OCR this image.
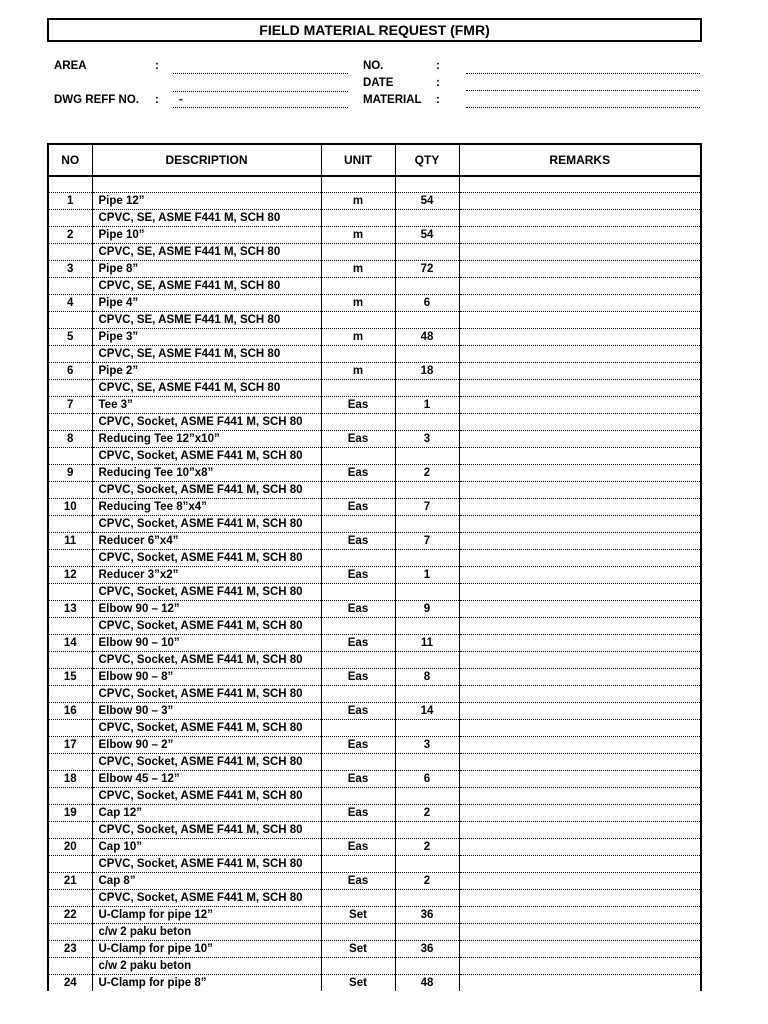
FIELD MATERIAL REQUEST (FMR)
AREA	:
DWG REFF NO. : -
NO.	:
DATE	:
MATERIAL :
NO	DESCRIPTION	UNIT	QTY	REMARKS

1	Pipe 12”	m	54	
	CPVC, SE, ASME F441 M, SCH 80			
2	Pipe 10”	m	54	
	CPVC, SE, ASME F441 M, SCH 80			
3	Pipe 8”	m	72	
	CPVC, SE, ASME F441 M, SCH 80			
4	Pipe 4”	m	6	
	CPVC, SE, ASME F441 M, SCH 80			
5	Pipe 3”	m	48	
	CPVC, SE, ASME F441 M, SCH 80			
6	Pipe 2”	m	18	
	CPVC, SE, ASME F441 M, SCH 80			
7	Tee 3”	Eas	1	
	CPVC, Socket, ASME F441 M, SCH 80			
8	Reducing Tee 12”x10”	Eas	3	
	CPVC, Socket, ASME F441 M, SCH 80			
9	Reducing Tee 10”x8”	Eas	2	
	CPVC, Socket, ASME F441 M, SCH 80			
10	Reducing Tee 8”x4”	Eas	7	
	CPVC, Socket, ASME F441 M, SCH 80			
11	Reducer 6”x4”	Eas	7	
	CPVC, Socket, ASME F441 M, SCH 80			
12	Reducer 3”x2”	Eas	1	
	CPVC, Socket, ASME F441 M, SCH 80			
13	Elbow 90 – 12”	Eas	9	
	CPVC, Socket, ASME F441 M, SCH 80			
14	Elbow 90 – 10”	Eas	11	
	CPVC, Socket, ASME F441 M, SCH 80			
15	Elbow 90 – 8”	Eas	8	
	CPVC, Socket, ASME F441 M, SCH 80			
16	Elbow 90 – 3”	Eas	14	
	CPVC, Socket, ASME F441 M, SCH 80			
17	Elbow 90 – 2”	Eas	3	
	CPVC, Socket, ASME F441 M, SCH 80			
18	Elbow 45 – 12”	Eas	6	
	CPVC, Socket, ASME F441 M, SCH 80			
19	Cap 12”	Eas	2	
	CPVC, Socket, ASME F441 M, SCH 80			
20	Cap 10”	Eas	2	
	CPVC, Socket, ASME F441 M, SCH 80			
21	Cap 8”	Eas	2	
	CPVC, Socket, ASME F441 M, SCH 80			
22	U-Clamp for pipe 12”	Set	36	
	c/w 2 paku beton			
23	U-Clamp for pipe 10”	Set	36	
	c/w 2 paku beton			
24	U-Clamp for pipe 8”	Set	48	
